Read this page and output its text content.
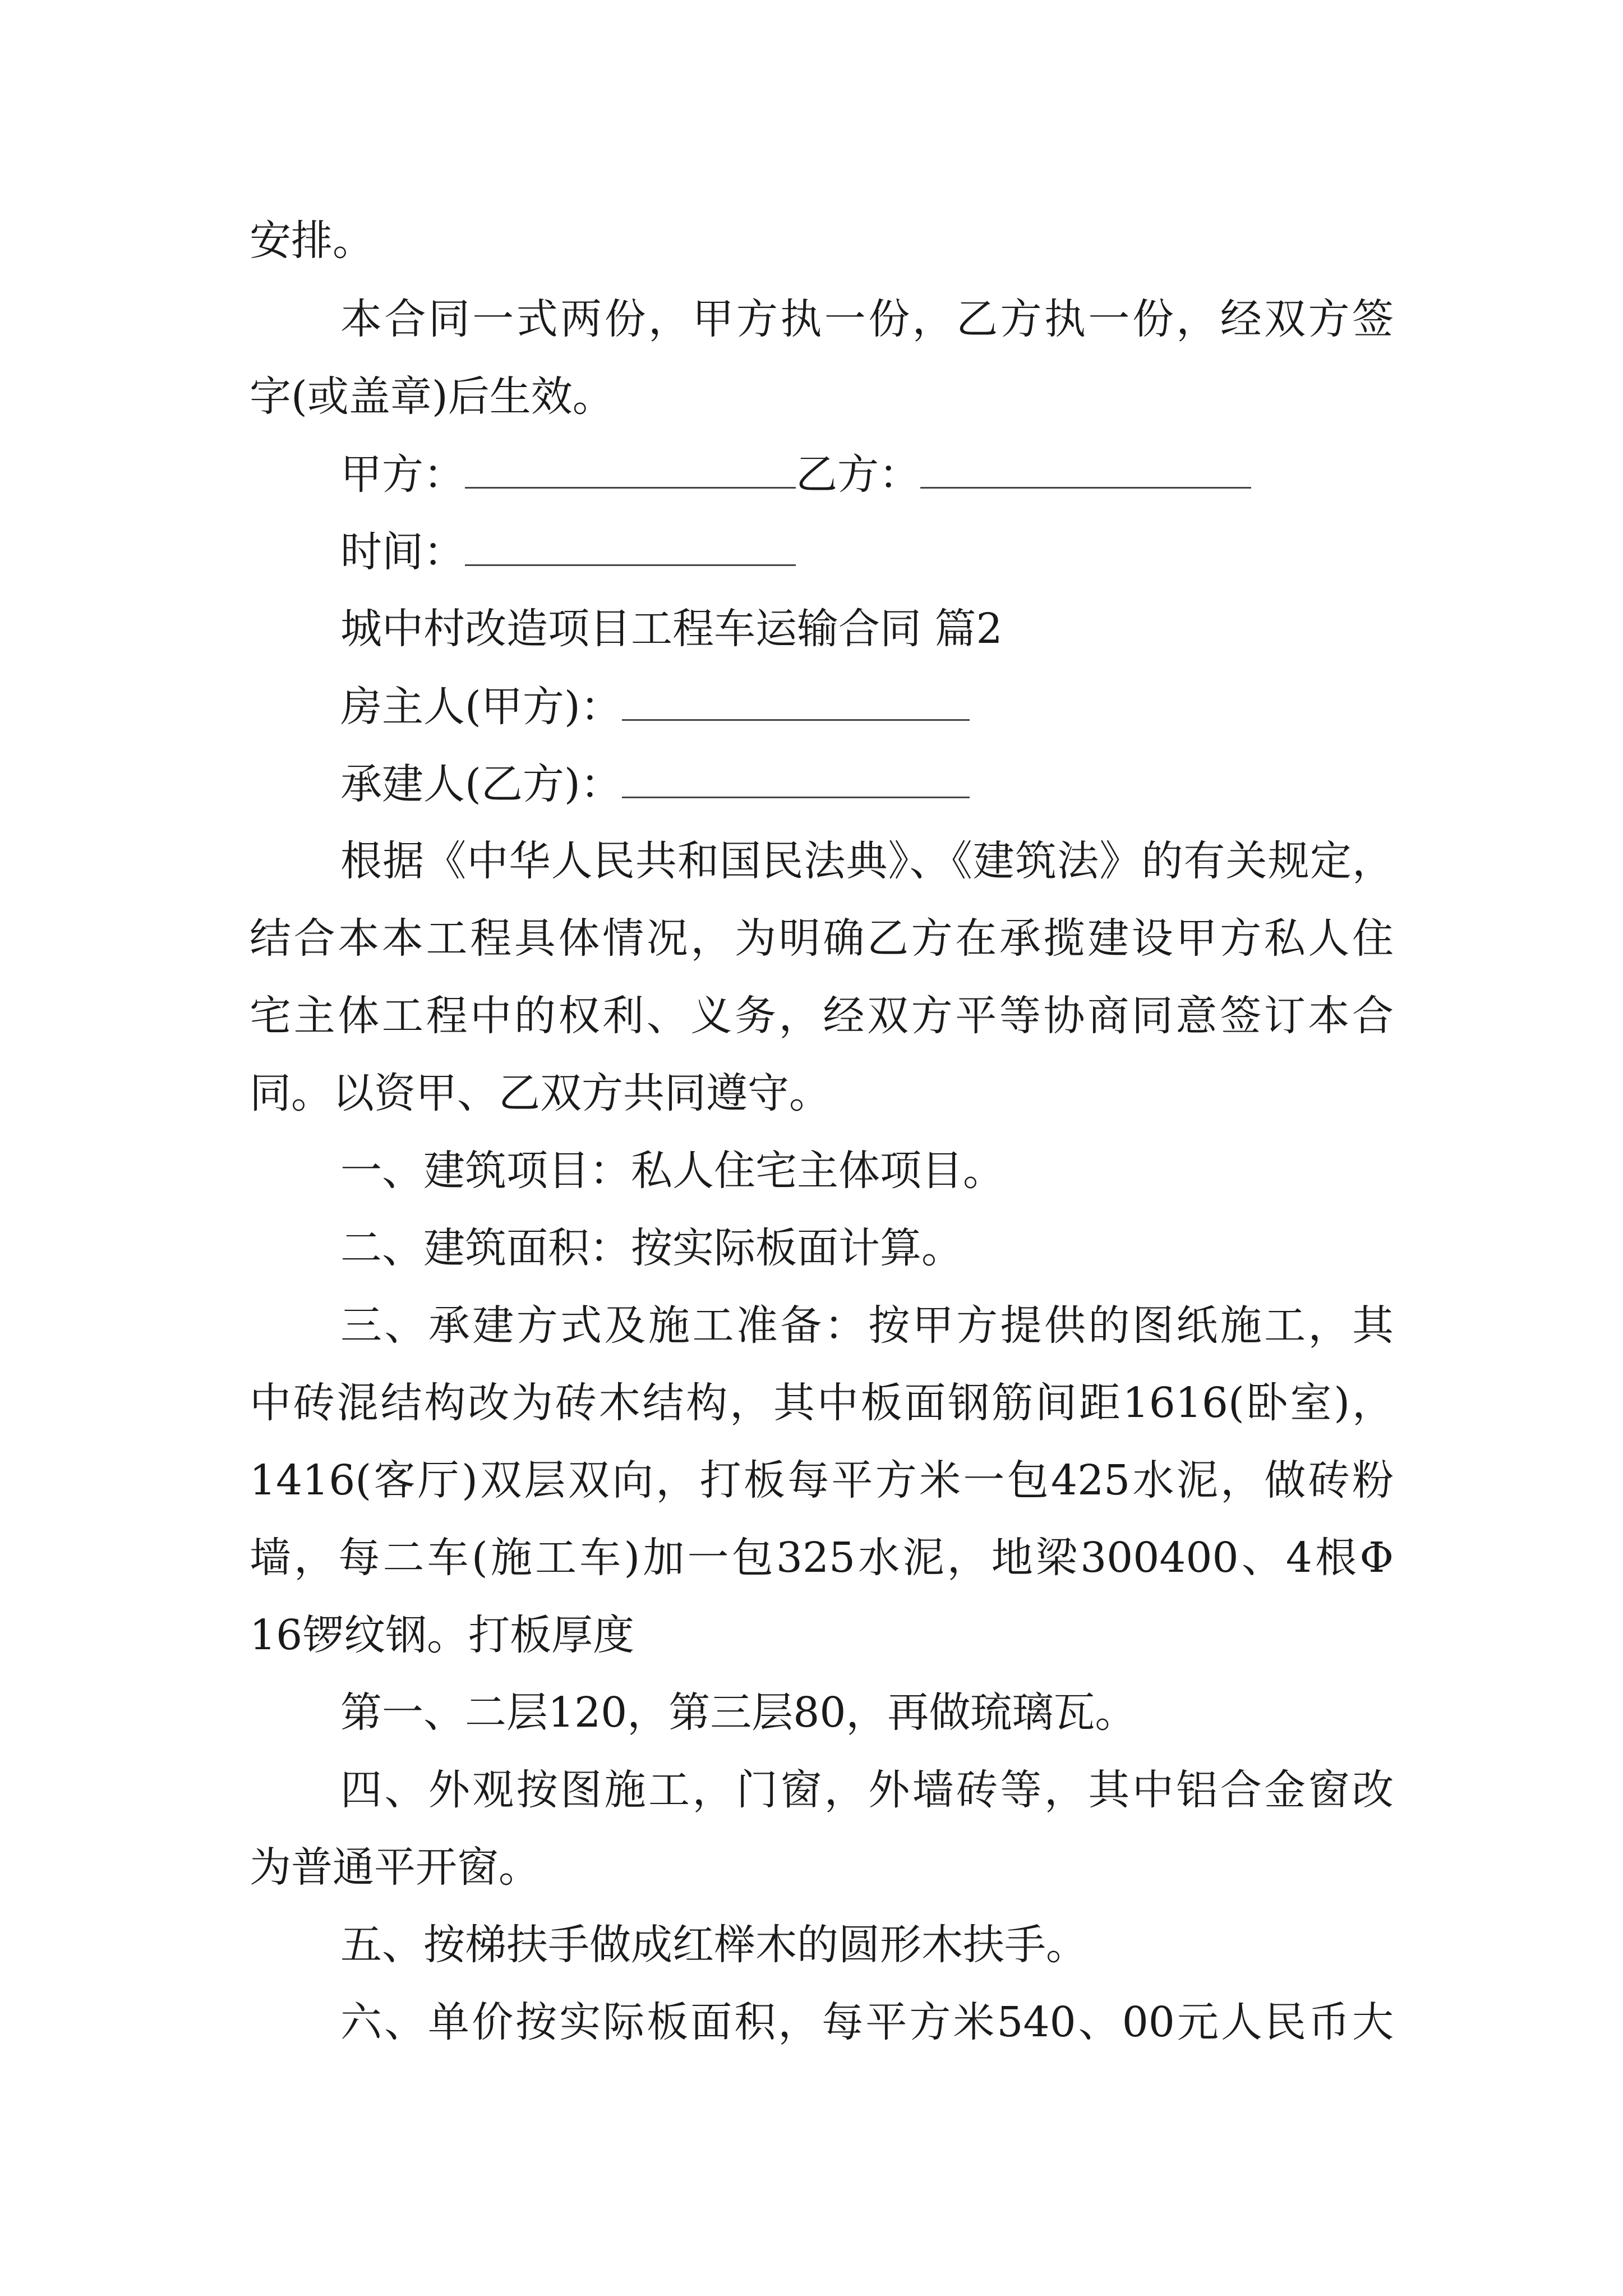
安排。
本合同一式两份，甲方执一份，乙方执一份，经双方签
字(或盖章)后生效。
甲方：	乙方：
时间：
城中村改造项目工程车运输合同 篇2
房主人(甲方)：
承建人(乙方)：
根据《中华人民共和国民法典》、《建筑法》的有关规定，
结合本本工程具体情况，为明确乙方在承揽建设甲方私人住
宅主体工程中的权利、义务，经双方平等协商同意签订本合
同。以资甲、乙双方共同遵守。
一、建筑项目：私人住宅主体项目。
二、建筑面积：按实际板面计算。
三、承建方式及施工准备：按甲方提供的图纸施工，其
中砖混结构改为砖木结构，其中板面钢筋间距1616(卧室)，
1416(客厅)双层双向，打板每平方米一包425水泥，做砖粉
墙，每二车(施工车)加一包325水泥，地梁300400、4根Φ
16锣纹钢。打板厚度
第一、二层120，第三层80，再做琉璃瓦。
四、外观按图施工，门窗，外墙砖等，其中铝合金窗改
为普通平开窗。
五、按梯扶手做成红榉木的圆形木扶手。
六、单价按实际板面积，每平方米540、00元人民币大
